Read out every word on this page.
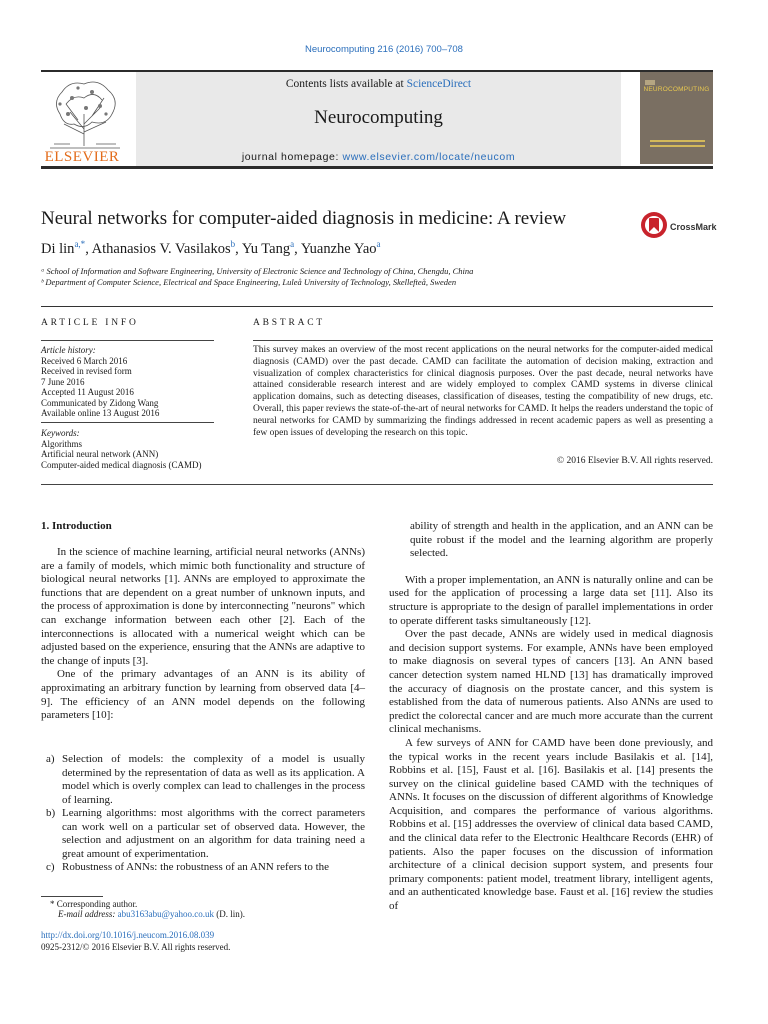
Neurocomputing 216 (2016) 700–708
ELSEVIER
Contents lists available at ScienceDirect
Neurocomputing
journal homepage: www.elsevier.com/locate/neucom
NEUROCOMPUTING
Neural networks for computer-aided diagnosis in medicine: A review	CrossMark
Di lin$^{a,*}$, Athanasios V. Vasilakos$^b$, Yu Tang$^a$, Yuanzhe Yao$^a$
ᵃ School of Information and Software Engineering, University of Electronic Science and Technology of China, Chengdu, China
ᵇ Department of Computer Science, Electrical and Space Engineering, Luleå University of Technology, Skellefteå, Sweden
ARTICLE INFO
Article history:
Received 6 March 2016
Received in revised form
7 June 2016
Accepted 11 August 2016
Communicated by Zidong Wang
Available online 13 August 2016
Keywords:
Algorithms
Artificial neural network (ANN)
Computer-aided medical diagnosis (CAMD)
ABSTRACT
This survey makes an overview of the most recent applications on the neural networks for the computer-aided medical diagnosis (CAMD) over the past decade. CAMD can facilitate the automation of decision making, extraction and visualization of complex characteristics for clinical diagnosis purposes. Over the past decade, neural networks have attained considerable research interest and are widely employed to complex CAMD systems in diverse clinical application domains, such as detecting diseases, classification of diseases, testing the compatibility of new drugs, etc. Overall, this paper reviews the state-of-the-art of neural networks for CAMD. It helps the readers understand the topic of neural networks for CAMD by summarizing the findings addressed in recent academic papers as well as presenting a few open issues of developing the research on this topic.
© 2016 Elsevier B.V. All rights reserved.
1. Introduction

In the science of machine learning, artificial neural networks (ANNs) are a family of models, which mimic both functionality and structure of biological neural networks [1]. ANNs are employed to approximate the functions that are dependent on a great number of unknown inputs, and the process of approximation is done by interconnecting "neurons" which can exchange information between each other [2]. Each of the interconnections is allocated with a numerical weight which can be adjusted based on the experience, ensuring that the ANNs are adaptive to the change of inputs [3].

One of the primary advantages of an ANN is its ability of approximating an arbitrary function by learning from observed data [4–9]. The efficiency of an ANN model depends on the following parameters [10]:

a) Selection of models: the complexity of a model is usually determined by the representation of data as well as its application. A model which is overly complex can lead to challenges in the process of learning.
b) Learning algorithms: most algorithms with the correct parameters can work well on a particular set of observed data. However, the selection and adjustment on an algorithm for data training need a great amount of experimentation.
c) Robustness of ANNs: the robustness of an ANN refers to the
ability of strength and health in the application, and an ANN can be quite robust if the model and the learning algorithm are properly selected.

With a proper implementation, an ANN is naturally online and can be used for the application of processing a large data set [11]. Also its structure is appropriate to the design of parallel implementations in order to operate different tasks simultaneously [12].

Over the past decade, ANNs are widely used in medical diagnosis and decision support systems. For example, ANNs have been employed to make diagnosis on several types of cancers [13]. An ANN based cancer detection system named HLND [13] has dramatically improved the accuracy of diagnosis on the prostate cancer, and this system is established from the data of numerous patients. Also ANNs are used to predict the colorectal cancer and are much more accurate than the current clinical mechanisms.

A few surveys of ANN for CAMD have been done previously, and the typical works in the recent years include Basilakis et al. [14], Robbins et al. [15], Faust et al. [16]. Basilakis et al. [14] presents the survey on the clinical guideline based CAMD with the techniques of ANNs. It focuses on the discussion of different algorithms of Knowledge Acquisition, and compares the performance of various algorithms. Robbins et al. [15] addresses the overview of clinical data based CAMD, and the clinical data refer to the Electronic Healthcare Records (EHR) of patients. Also the paper focuses on the discussion of information architecture of a clinical decision support system, and presents four primary components: patient model, treatment library, intelligent agents, and an authenticated knowledge base. Faust et al. [16] review the studies of

* Corresponding author.
E-mail address: abu3163abu@yahoo.co.uk (D. lin).
http://dx.doi.org/10.1016/j.neucom.2016.08.039
0925-2312/© 2016 Elsevier B.V. All rights reserved.
